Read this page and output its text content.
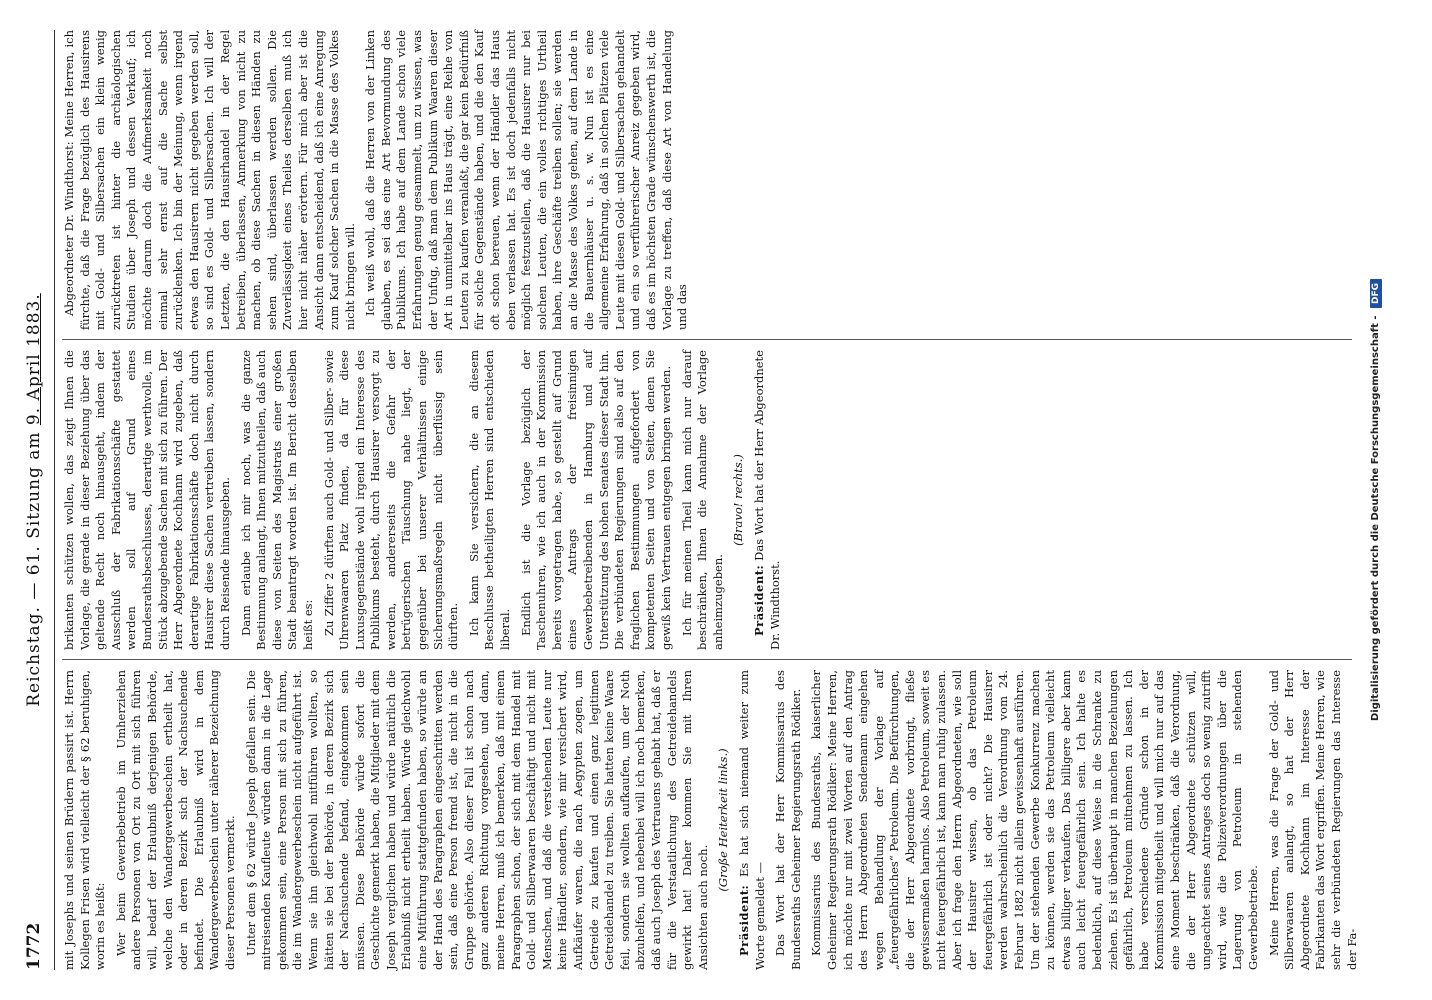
1772
Reichstag. — 61. Sitzung am 9. April 1883.

mit Josephs und seinen Brüdern passirt ist. Herrn Kollegen Frisen wird vielleicht der § 62 beruhigen, worin es heißt: Wer beim Gewerbebetrieb im Umherziehen andere Personen von Ort zu Ort mit sich führen will, bedarf der Erlaubniß derjenigen Behörde, welche den Wandergewerbeschein ertheilt hat, oder in deren Bezirk sich der Nachsuchende befindet. Die Erlaubniß wird in dem Wandergewerbeschein unter näherer Bezeichnung dieser Personen vermerkt. Unter dem § 62 würde Joseph gefallen sein. Die mitreisenden Kaufleute würden dann in die Lage gekommen sein, eine Person mit sich zu führen, die im Wandergewerbeschein nicht aufgeführt ist. Wenn sie ihn gleichwohl mitführen wollten, so hätten sie bei der Behörde, in deren Bezirk sich der Nachsuchende befand, eingekommen sein müssen. Diese Behörde würde sofort die Geschichte gemerkt haben, die Mitglieder mit dem Joseph verglichen haben und würde natürlich die Erlaubniß nicht ertheilt haben. Würde gleichwohl eine Mitführung stattgefunden haben, so würde an der Hand des Paragraphen eingeschritten werden sein, daß eine Person fremd ist, die nicht in die Gruppe gehörte. Also dieser Fall ist schon nach ganz anderen Richtung vorgesehen, und dann, meine Herren, muß ich bemerken, daß mit einem Paragraphen schon, der sich mit dem Handel mit Gold- und Silberwaaren beschäftigt und nicht mit Menschen, und daß die verstehenden Leute nur keine Händler, sondern, wie mir versichert wird, Aufkäufer waren, die nach Aegypten zogen, um Getreide zu kaufen und einen ganz legitimen Getreidehandel zu treiben. Sie hatten keine Waare feil, sondern sie wollten aufkaufen, um der Noth abzuhelfen, und nebenbei will ich noch bemerken, daß auch Joseph des Vertrauens gehabt hat, daß er für die Verstaatlichung des Getreidehandels gewirkt hat! Daher kommen Sie mit Ihren Ansichten auch noch.

(Große Heiterkeit links.)

Präsident: Es hat sich niemand weiter zum Worte gemeldet — Das Wort hat der Herr Kommissarius des Bundesraths Geheimer Regierungsrath Rödiker. Kommissarius des Bundesraths, kaiserlicher Geheimer Regierungsrath Rödiker: Meine Herren, ich möchte nur mit zwei Worten auf den Antrag des Herrn Abgeordneten Sendemann eingehen wegen Behandlung der Vorlage auf „feuergefährliches“ Petroleum. Die Befürchtungen, die der Herr Abgeordnete vorbringt, fließe gewissermaßen harmlos. Also Petroleum, soweit es nicht feuergefährlich ist, kann man ruhig zulassen. Aber ich frage den Herrn Abgeordneten, wie soll der Hausirer wissen, ob das Petroleum feuergefährlich ist oder nicht? Die Hausirer werden wahrscheinlich die Verordnung vom 24. Februar 1882 nicht allein gewissenhaft ausführen. Um der stehenden Gewerbe Konkurrenz machen zu können, werden sie das Petroleum vielleicht etwas billiger verkaufen. Das billigere aber kann auch leicht feuergefährlich sein. Ich halte es bedenklich, auf diese Weise in die Schranke zu ziehen. Es ist überhaupt in manchen Beziehungen gefährlich, Petroleum mitnehmen zu lassen. Ich habe verschiedene Gründe schon in der Kommission mitgetheilt und will mich nur auf das eine Moment beschränken, daß die Verordnung, die der Herr Abgeordnete schützen will, ungeachtet seines Antrages doch so wenig zutrifft wird, wie die Polizeiverordnungen über die Lagerung von Petroleum in stehenden Gewerbebetriebe. Meine Herren, was die Frage der Gold- und Silberwaaren anlangt, so hat der Herr Abgeordnete Kochhann im Interesse der Fabrikanten das Wort ergriffen. Meine Herren, wie sehr die verbündeten Regierungen das Interesse der Fa-

brikanten schützen wollen, das zeigt Ihnen die Vorlage, die gerade in dieser Beziehung über das geltende Recht noch hinausgeht, indem der Ausschluß der Fabrikationsschäfte gestattet werden soll auf Grund eines Bundesrathsbeschlusses, derartige werthvolle, im Stück abzugebende Sachen mit sich zu führen. Der Herr Abgeordnete Kochhann wird zugeben, daß derartige Fabrikationsschäfte doch nicht durch Hausirer diese Sachen vertreiben lassen, sondern durch Reisende hinausgeben. Dann erlaube ich mir noch, was die ganze Bestimmung anlangt, Ihnen mitzutheilen, daß auch diese von Seiten des Magistrats einer großen Stadt beantragt worden ist. Im Bericht desselben heißt es: Zu Ziffer 2 dürften auch Gold- und Silber- sowie Uhrenwaaren Platz finden, da für diese Luxusgegenstände wohl irgend ein Interesse des Publikums besteht, durch Hausirer versorgt zu werden, andererseits die Gefahr der betrügerischen Täuschung nahe liegt, der gegenüber bei unserer Verhältnissen einige Sicherungsmaßregeln nicht überflüssig sein dürften. Ich kann Sie versichern, die an diesem Beschlusse betheiligten Herren sind entschieden liberal. Endlich ist die Vorlage bezüglich der Taschenuhren, wie ich auch in der Kommission bereits vorgetragen habe, so gestellt auf Grund eines Antrags der freisinnigen Gewerbebetreibenden in Hamburg und auf Unterstützung des hohen Senates dieser Stadt hin. Die verbündeten Regierungen sind also auf den fraglichen Bestimmungen aufgefordert von kompetenten Seiten und von Seiten, denen Sie gewiß kein Vertrauen entgegen bringen werden. Ich für meinen Theil kann mich nur darauf beschränken, Ihnen die Annahme der Vorlage anheimzugeben.

(Bravo! rechts.)

Präsident: Das Wort hat der Herr Abgeordnete Dr. Windthorst.

Abgeordneter Dr. Windthorst: Meine Herren, ich fürchte, daß die Frage bezüglich des Hausirens mit Gold- und Silbersachen ein klein wenig zurücktreten ist hinter die archäologischen Studien über Joseph und dessen Verkauf; ich möchte darum doch die Aufmerksamkeit noch einmal sehr ernst auf die Sache selbst zurücklenken. Ich bin der Meinung, wenn irgend etwas den Hausirern nicht gegeben werden soll, so sind es Gold- und Silbersachen. Ich will der Letzten, die den Hausirhandel in der Regel betreiben, überlassen, Anmerkung von nicht zu machen, ob diese Sachen in diesen Händen zu sehen sind, überlassen werden sollen. Die Zuverlässigkeit eines Theiles derselben muß ich hier nicht näher erörtern. Für mich aber ist die Ansicht dann entscheidend, daß ich eine Anregung zum Kauf solcher Sachen in die Masse des Volkes nicht bringen will. Ich weiß wohl, daß die Herren von der Linken glauben, es sei das eine Art Bevormundung des Publikums. Ich habe auf dem Lande schon viele Erfahrungen genug gesammelt, um zu wissen, was der Unfug, daß man dem Publikum Waaren dieser Art in unmittelbar ins Haus trägt, eine Reihe von Leuten zu kaufen veranlaßt, die gar kein Bedürfniß für solche Gegenstände haben, und die den Kauf oft schon bereuen, wenn der Händler das Haus eben verlassen hat. Es ist doch jedenfalls nicht möglich festzustellen, daß die Hausirer nur bei solchen Leuten, die ein volles richtiges Urtheil haben, ihre Geschäfte treiben sollen; sie werden an die Masse des Volkes gehen, auf dem Lande in die Bauernhäuser u. s. w. Nun ist es eine allgemeine Erfahrung, daß in solchen Plätzen viele Leute mit diesen Gold- und Silbersachen gehandelt und ein so verführerischer Anreiz gegeben wird, daß es im höchsten Grade wünschenswerth ist, die Vorlage zu treffen, daß diese Art von Handelung und das

Digitalisierung gefördert durch die Deutsche Forschungsgemeinschaft - DFG
